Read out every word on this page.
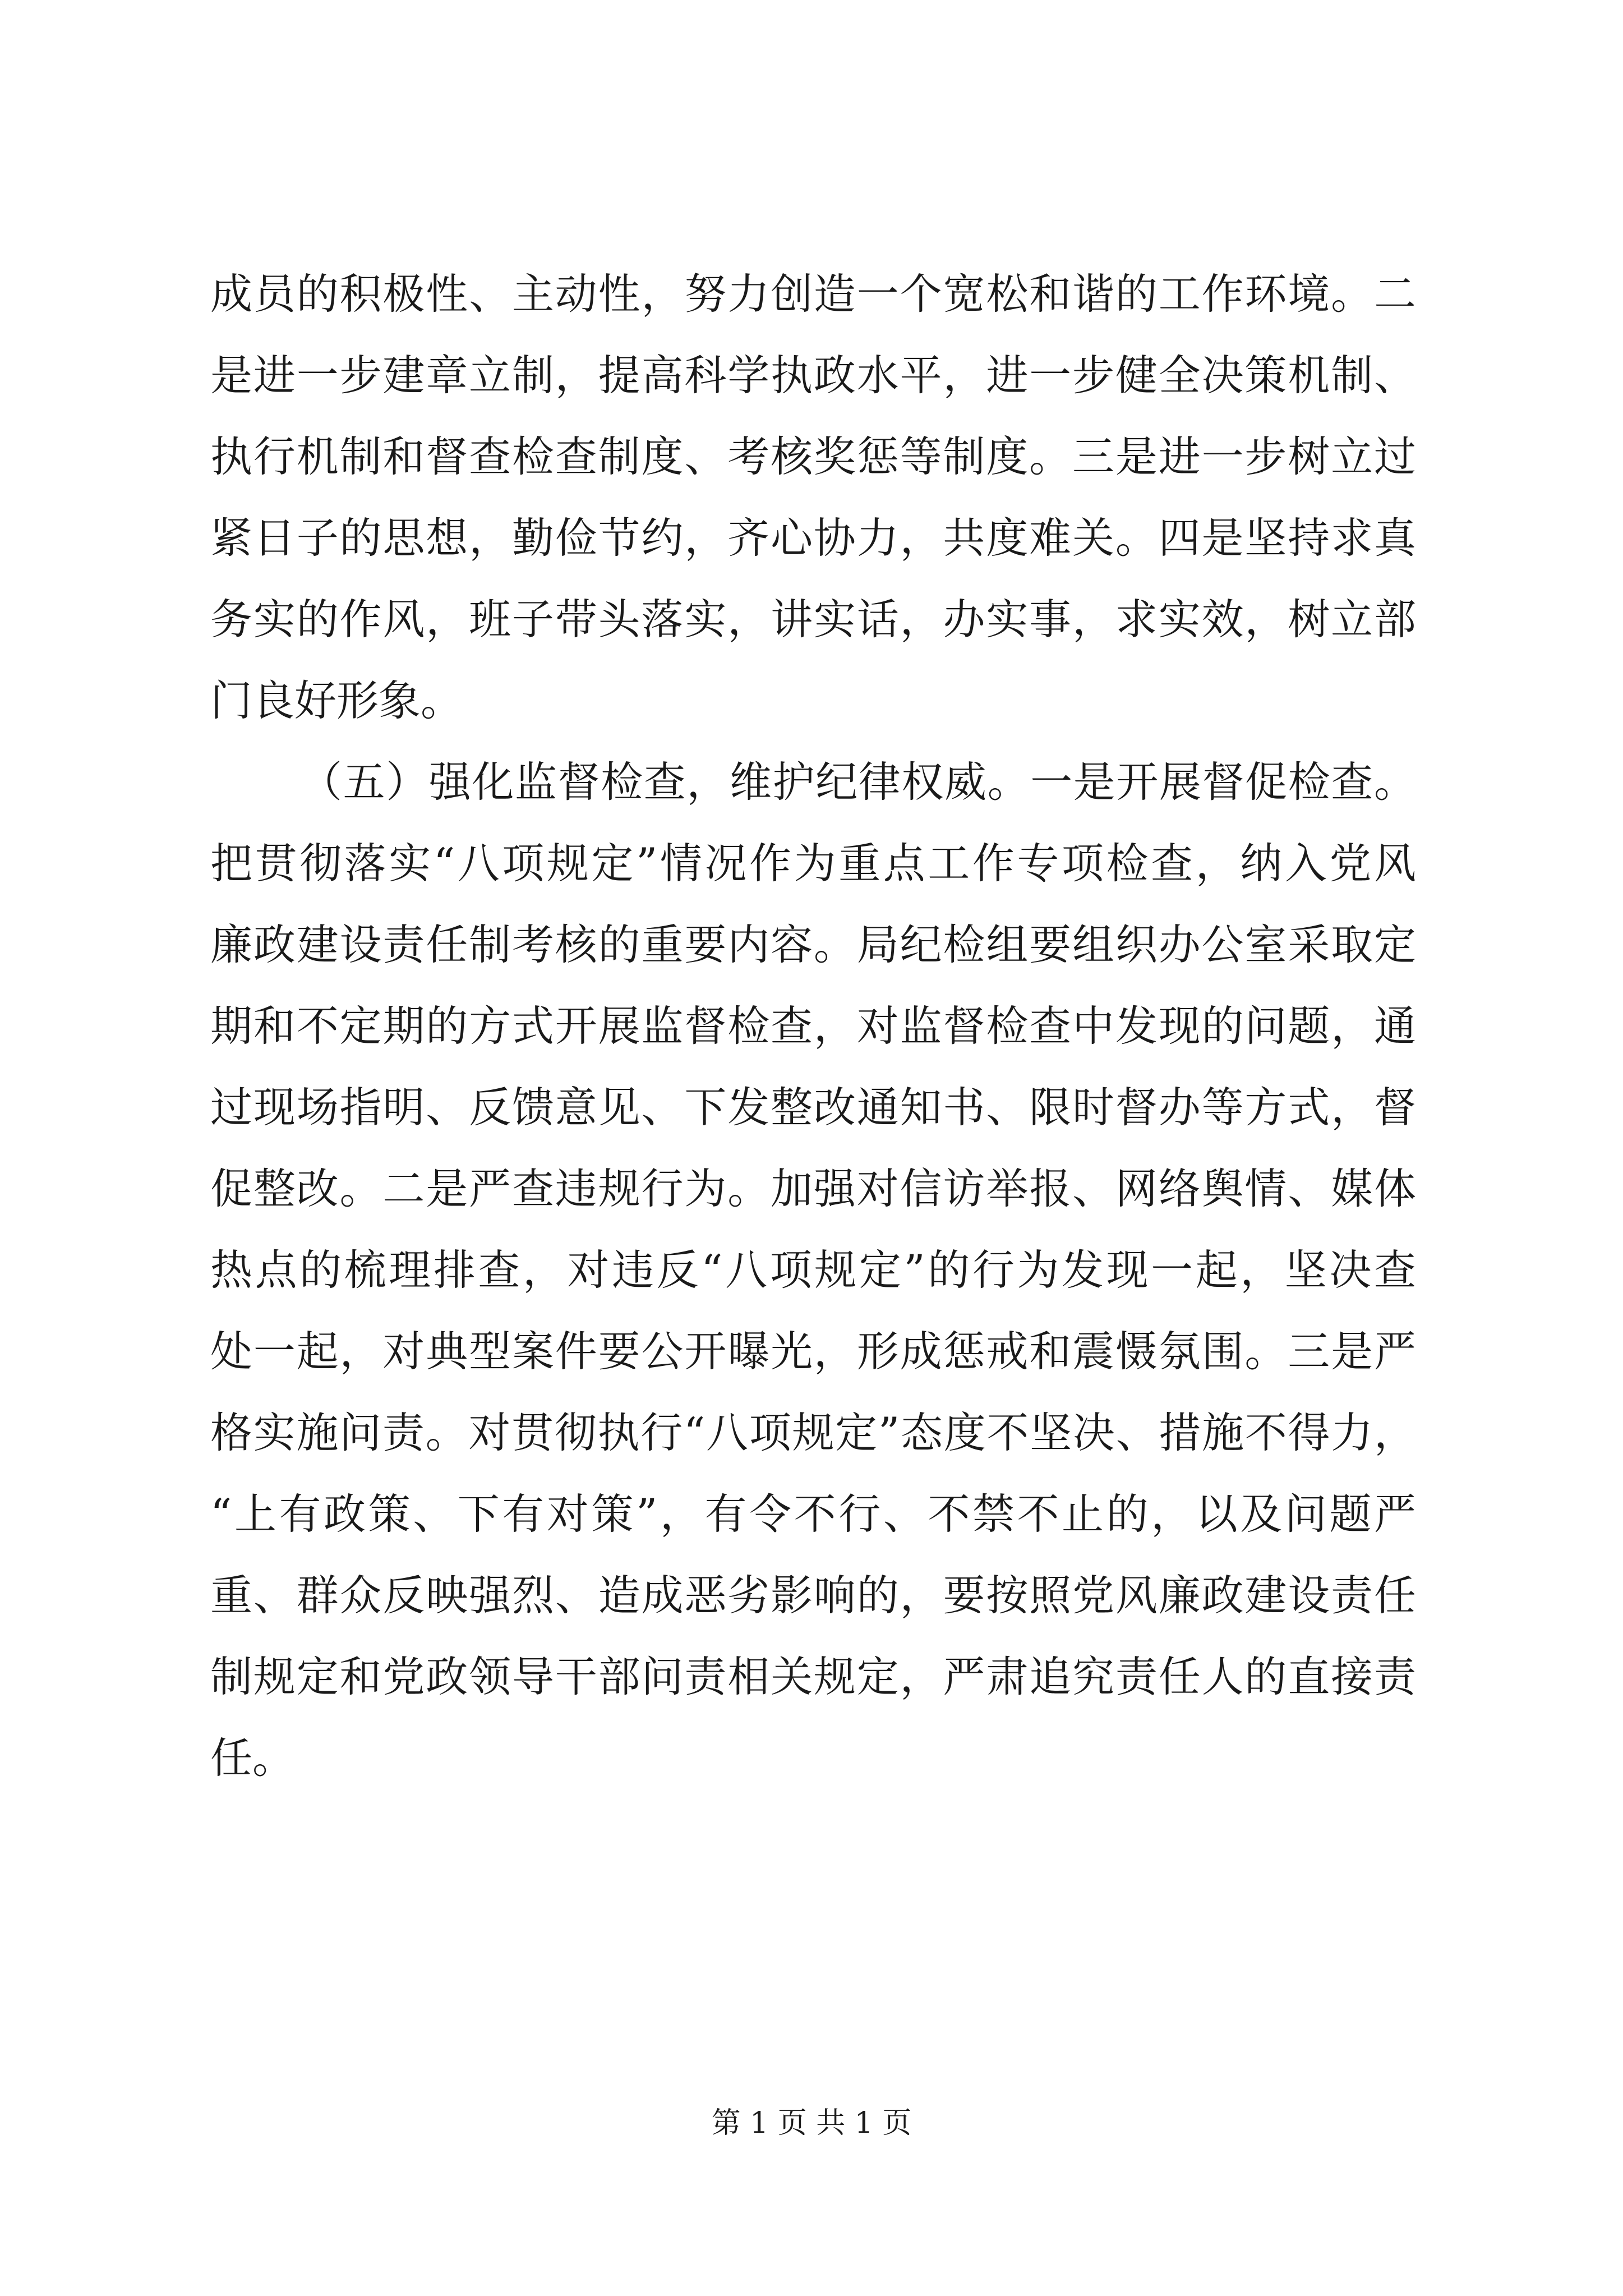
成员的积极性、主动性，努力创造一个宽松和谐的工作环境。二
是进一步建章立制，提高科学执政水平，进一步健全决策机制、
执行机制和督查检查制度、考核奖惩等制度。三是进一步树立过
紧日子的思想，勤俭节约，齐心协力，共度难关。四是坚持求真
务实的作风，班子带头落实，讲实话，办实事，求实效，树立部
门良好形象。
（五）强化监督检查，维护纪律权威。一是开展督促检查。
把贯彻落实“八项规定”情况作为重点工作专项检查，纳入党风
廉政建设责任制考核的重要内容。局纪检组要组织办公室采取定
期和不定期的方式开展监督检查，对监督检查中发现的问题，通
过现场指明、反馈意见、下发整改通知书、限时督办等方式，督
促整改。二是严查违规行为。加强对信访举报、网络舆情、媒体
热点的梳理排查，对违反“八项规定”的行为发现一起，坚决查
处一起，对典型案件要公开曝光，形成惩戒和震慑氛围。三是严
格实施问责。对贯彻执行“八项规定”态度不坚决、措施不得力，
“上有政策、下有对策”，有令不行、不禁不止的，以及问题严
重、群众反映强烈、造成恶劣影响的，要按照党风廉政建设责任
制规定和党政领导干部问责相关规定，严肃追究责任人的直接责
任。
第 1 页 共 1 页
